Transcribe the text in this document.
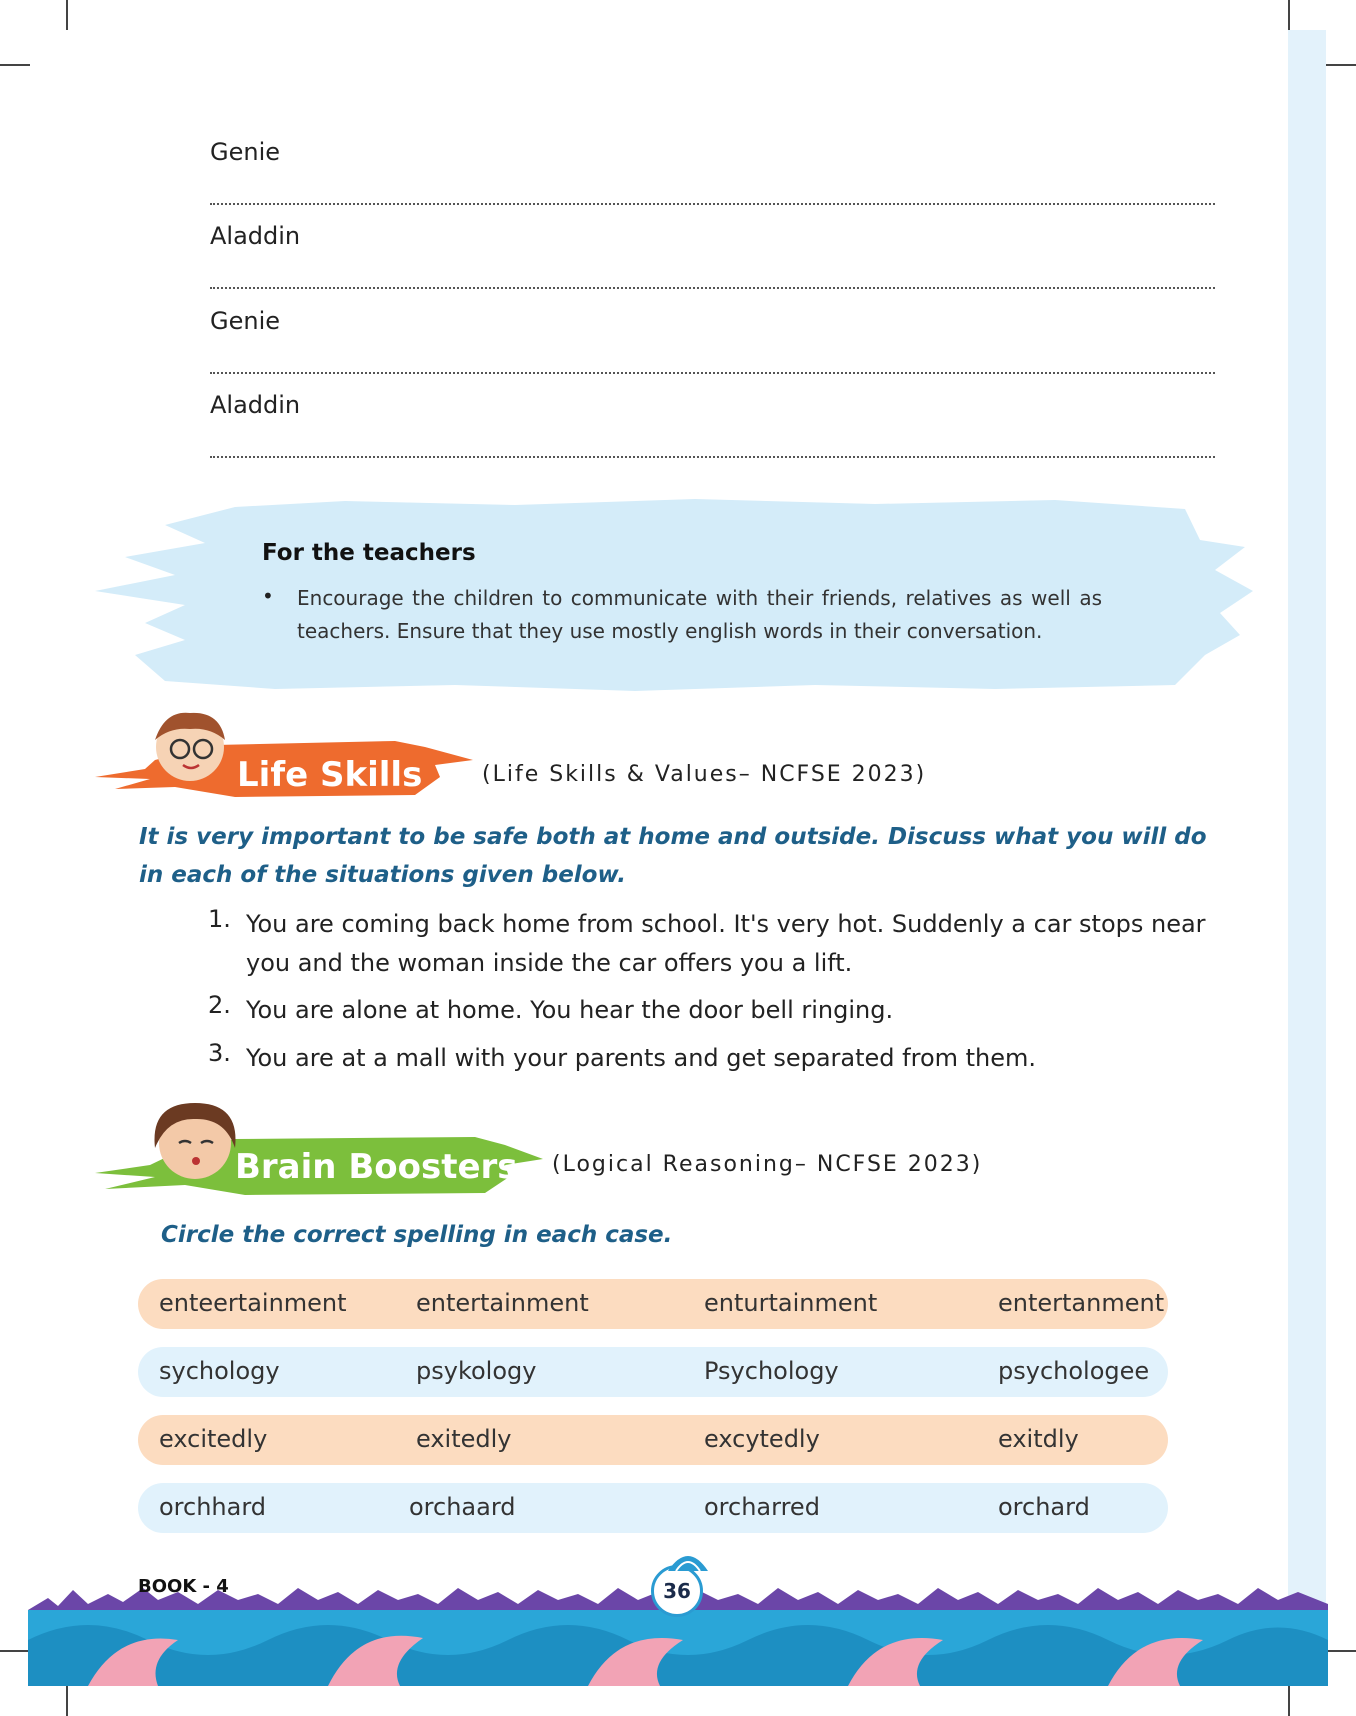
Genie
Aladdin
Genie
Aladdin
For the teachers
• Encourage the children to communicate with their friends, relatives as well as teachers. Ensure that they use mostly english words in their conversation.
Life Skills	(Life Skills & Values– NCFSE 2023)
It is very important to be safe both at home and outside. Discuss what you will do in each of the situations given below.
1. You are coming back home from school. It's very hot. Suddenly a car stops near you and the woman inside the car offers you a lift.
2. You are alone at home. You hear the door bell ringing.
3. You are at a mall with your parents and get separated from them.
Brain Boosters (Logical Reasoning– NCFSE 2023)
Circle the correct spelling in each case.
enteertainment	entertainment	enturtainment	entertanment
sychology	psykology	Psychology	psychologee
excitedly	exitedly	excytedly	exitdly
orchhard	orchaard	orcharred	orchard
BOOK - 4	36
